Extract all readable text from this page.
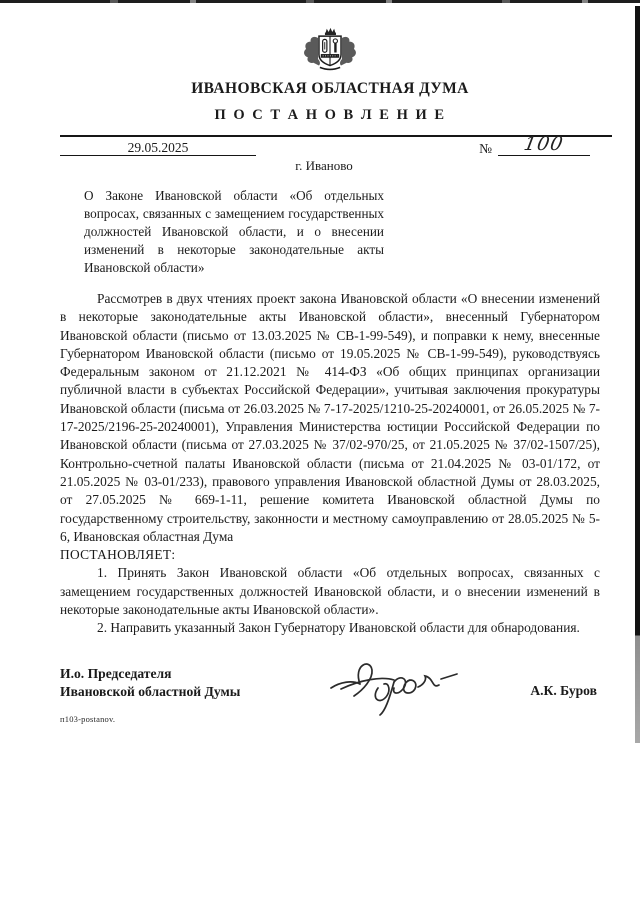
ИВАНОВСКАЯ ОБЛАСТНАЯ ДУМА
П О С Т А Н О В Л Е Н И Е
29.05.2025	№	100
г. Иваново
О Законе Ивановской области «Об отдельных вопросах, связанных с замещением государственных должностей Ивановской области, и о внесении изменений в некоторые законодательные акты Ивановской области»
Рассмотрев в двух чтениях проект закона Ивановской области «О внесении изменений в некоторые законодательные акты Ивановской области», внесенный Губернатором Ивановской области (письмо от 13.03.2025 № СВ-1-99-549), и поправки к нему, внесенные Губернатором Ивановской области (письмо от 19.05.2025 № СВ-1-99-549), руководствуясь Федеральным законом от 21.12.2021 № 414-ФЗ «Об общих принципах организации публичной власти в субъектах Российской Федерации», учитывая заключения прокуратуры Ивановской области (письма от 26.03.2025 № 7-17-2025/1210-25-20240001, от 26.05.2025 № 7-17-2025/2196-25-20240001), Управления Министерства юстиции Российской Федерации по Ивановской области (письма от 27.03.2025 № 37/02-970/25, от 21.05.2025 № 37/02-1507/25), Контрольно-счетной палаты Ивановской области (письма от 21.04.2025 № 03-01/172, от 21.05.2025 № 03-01/233), правового управления Ивановской областной Думы от 28.03.2025, от 27.05.2025 № 669-1-11, решение комитета Ивановской областной Думы по государственному строительству, законности и местному самоуправлению от 28.05.2025 № 5-6, Ивановская областная Дума
ПОСТАНОВЛЯЕТ:
1. Принять Закон Ивановской области «Об отдельных вопросах, связанных с замещением государственных должностей Ивановской области, и о внесении изменений в некоторые законодательные акты Ивановской области».
2. Направить указанный Закон Губернатору Ивановской области для обнародования.
И.о. Председателя
Ивановской областной Думы	А.К. Буров
п103-postanov.
